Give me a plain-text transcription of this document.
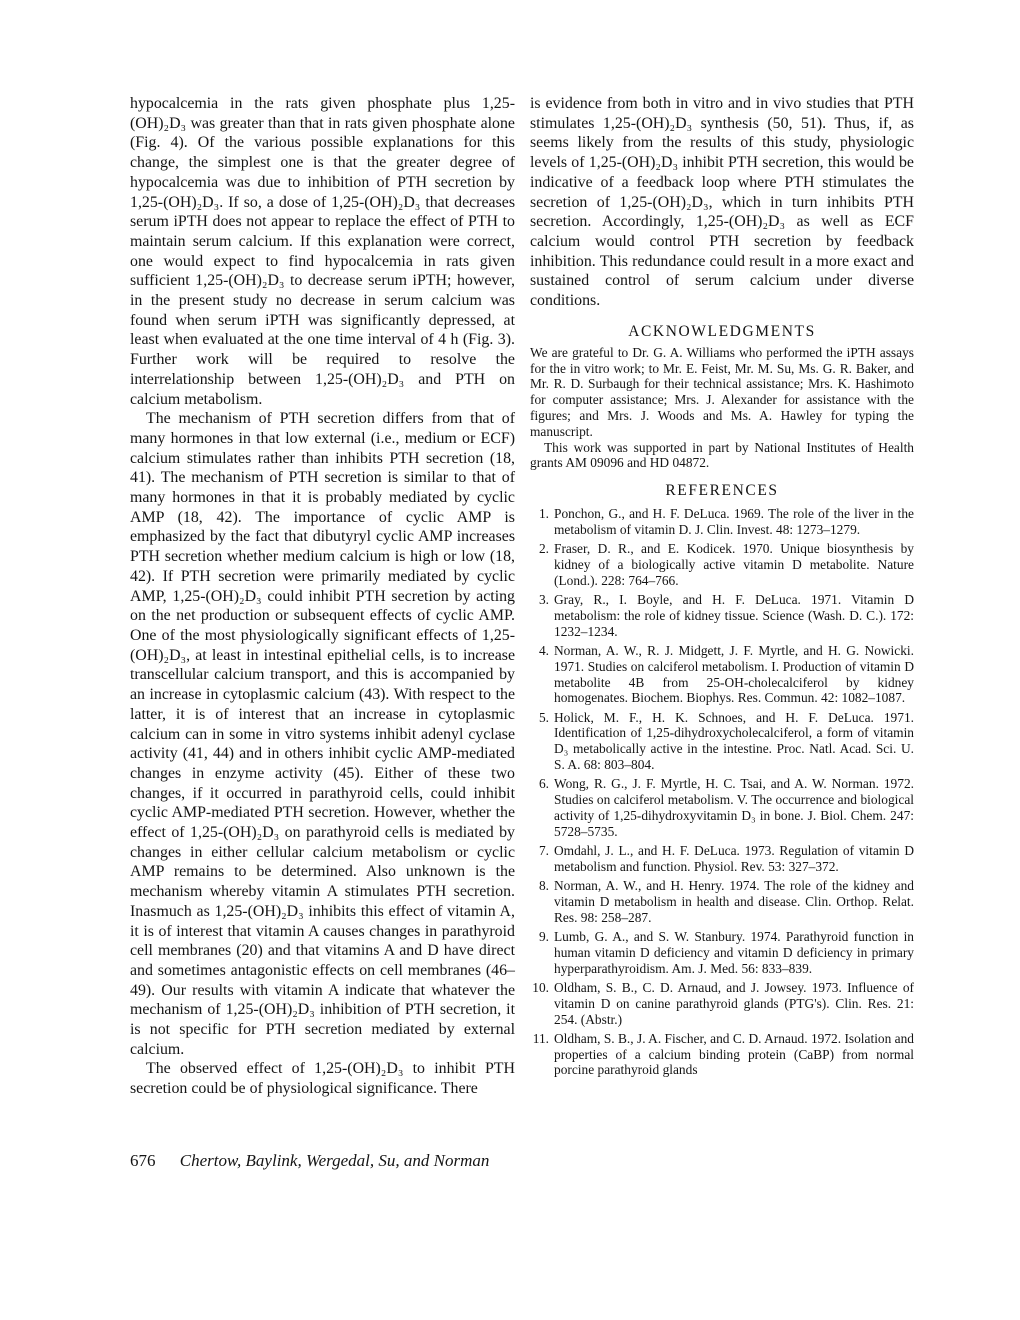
hypocalcemia in the rats given phosphate plus 1,25-(OH)₂D₃ was greater than that in rats given phosphate alone (Fig. 4). Of the various possible explanations for this change, the simplest one is that the greater degree of hypocalcemia was due to inhibition of PTH secretion by 1,25-(OH)₂D₃. If so, a dose of 1,25-(OH)₂D₃ that decreases serum iPTH does not appear to replace the effect of PTH to maintain serum calcium. If this explanation were correct, one would expect to find hypocalcemia in rats given sufficient 1,25-(OH)₂D₃ to decrease serum iPTH; however, in the present study no decrease in serum calcium was found when serum iPTH was significantly depressed, at least when evaluated at the one time interval of 4 h (Fig. 3). Further work will be required to resolve the interrelationship between 1,25-(OH)₂D₃ and PTH on calcium metabolism.

The mechanism of PTH secretion differs from that of many hormones in that low external (i.e., medium or ECF) calcium stimulates rather than inhibits PTH secretion (18, 41). The mechanism of PTH secretion is similar to that of many hormones in that it is probably mediated by cyclic AMP (18, 42). The importance of cyclic AMP is emphasized by the fact that dibutyryl cyclic AMP increases PTH secretion whether medium calcium is high or low (18, 42). If PTH secretion were primarily mediated by cyclic AMP, 1,25-(OH)₂D₃ could inhibit PTH secretion by acting on the net production or subsequent effects of cyclic AMP. One of the most physiologically significant effects of 1,25-(OH)₂D₃, at least in intestinal epithelial cells, is to increase transcellular calcium transport, and this is accompanied by an increase in cytoplasmic calcium (43). With respect to the latter, it is of interest that an increase in cytoplasmic calcium can in some in vitro systems inhibit adenyl cyclase activity (41, 44) and in others inhibit cyclic AMP-mediated changes in enzyme activity (45). Either of these two changes, if it occurred in parathyroid cells, could inhibit cyclic AMP-mediated PTH secretion. However, whether the effect of 1,25-(OH)₂D₃ on parathyroid cells is mediated by changes in either cellular calcium metabolism or cyclic AMP remains to be determined. Also unknown is the mechanism whereby vitamin A stimulates PTH secretion. Inasmuch as 1,25-(OH)₂D₃ inhibits this effect of vitamin A, it is of interest that vitamin A causes changes in parathyroid cell membranes (20) and that vitamins A and D have direct and sometimes antagonistic effects on cell membranes (46–49). Our results with vitamin A indicate that whatever the mechanism of 1,25-(OH)₂D₃ inhibition of PTH secretion, it is not specific for PTH secretion mediated by external calcium.

The observed effect of 1,25-(OH)₂D₃ to inhibit PTH secretion could be of physiological significance. There

is evidence from both in vitro and in vivo studies that PTH stimulates 1,25-(OH)₂D₃ synthesis (50, 51). Thus, if, as seems likely from the results of this study, physiologic levels of 1,25-(OH)₂D₃ inhibit PTH secretion, this would be indicative of a feedback loop where PTH stimulates the secretion of 1,25-(OH)₂D₃, which in turn inhibits PTH secretion. Accordingly, 1,25-(OH)₂D₃ as well as ECF calcium would control PTH secretion by feedback inhibition. This redundance could result in a more exact and sustained control of serum calcium under diverse conditions.

ACKNOWLEDGMENTS

We are grateful to Dr. G. A. Williams who performed the iPTH assays for the in vitro work; to Mr. E. Feist, Mr. M. Su, Ms. G. R. Baker, and Mr. R. D. Surbaugh for their technical assistance; Mrs. K. Hashimoto for computer assistance; Mrs. J. Alexander for assistance with the figures; and Mrs. J. Woods and Ms. A. Hawley for typing the manuscript.

This work was supported in part by National Institutes of Health grants AM 09096 and HD 04872.

REFERENCES
1. Ponchon, G., and H. F. DeLuca. 1969. The role of the liver in the metabolism of vitamin D. J. Clin. Invest. 48: 1273–1279.
2. Fraser, D. R., and E. Kodicek. 1970. Unique biosynthesis by kidney of a biologically active vitamin D metabolite. Nature (Lond.). 228: 764–766.
3. Gray, R., I. Boyle, and H. F. DeLuca. 1971. Vitamin D metabolism: the role of kidney tissue. Science (Wash. D. C.). 172: 1232–1234.
4. Norman, A. W., R. J. Midgett, J. F. Myrtle, and H. G. Nowicki. 1971. Studies on calciferol metabolism. I. Production of vitamin D metabolite 4B from 25-OH-cholecalciferol by kidney homogenates. Biochem. Biophys. Res. Commun. 42: 1082–1087.
5. Holick, M. F., H. K. Schnoes, and H. F. DeLuca. 1971. Identification of 1,25-dihydroxycholecalciferol, a form of vitamin D₃ metabolically active in the intestine. Proc. Natl. Acad. Sci. U. S. A. 68: 803–804.
6. Wong, R. G., J. F. Myrtle, H. C. Tsai, and A. W. Norman. 1972. Studies on calciferol metabolism. V. The occurrence and biological activity of 1,25-dihydroxyvitamin D₃ in bone. J. Biol. Chem. 247: 5728–5735.
7. Omdahl, J. L., and H. F. DeLuca. 1973. Regulation of vitamin D metabolism and function. Physiol. Rev. 53: 327–372.
8. Norman, A. W., and H. Henry. 1974. The role of the kidney and vitamin D metabolism in health and disease. Clin. Orthop. Relat. Res. 98: 258–287.
9. Lumb, G. A., and S. W. Stanbury. 1974. Parathyroid function in human vitamin D deficiency and vitamin D deficiency in primary hyperparathyroidism. Am. J. Med. 56: 833–839.
10. Oldham, S. B., C. D. Arnaud, and J. Jowsey. 1973. Influence of vitamin D on canine parathyroid glands (PTG's). Clin. Res. 21: 254. (Abstr.)
11. Oldham, S. B., J. A. Fischer, and C. D. Arnaud. 1972. Isolation and properties of a calcium binding protein (CaBP) from normal porcine parathyroid glands
676 Chertow, Baylink, Wergedal, Su, and Norman
